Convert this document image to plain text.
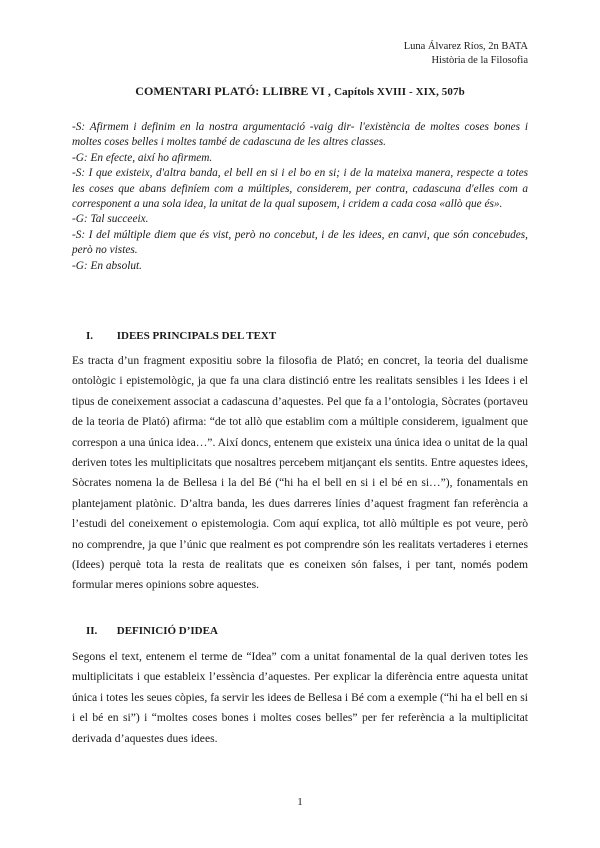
Luna Álvarez Ríos, 2n BATA
Història de la Filosofia
COMENTARI PLATÓ: LLIBRE VI , Capítols XVIII - XIX, 507b

-S: Afirmem i definim en la nostra argumentació -vaig dir- l'existència de moltes coses bones i moltes coses belles i moltes també de cadascuna de les altres classes.

-G: En efecte, així ho afirmem.

-S: I que existeix, d'altra banda, el bell en si i el bo en si; i de la mateixa manera, respecte a totes les coses que abans definíem com a múltiples, considerem, per contra, cadascuna d'elles com a corresponent a una sola idea, la unitat de la qual suposem, i cridem a cada cosa «allò que és».

-G: Tal succeeix.

-S: I del múltiple diem que és vist, però no concebut, i de les idees, en canvi, que són concebudes, però no vistes.

-G: En absolut.

I. IDEES PRINCIPALS DEL TEXT

Es tracta d’un fragment expositiu sobre la filosofia de Plató; en concret, la teoria del dualisme ontològic i epistemològic, ja que fa una clara distinció entre les realitats sensibles i les Idees i el tipus de coneixement associat a cadascuna d’aquestes. Pel que fa a l’ontologia, Sòcrates (portaveu de la teoria de Plató) afirma: “de tot allò que establim com a múltiple considerem, igualment que correspon a una única idea…”. Així doncs, entenem que existeix una única idea o unitat de la qual deriven totes les multiplicitats que nosaltres percebem mitjançant els sentits. Entre aquestes idees, Sòcrates nomena la de Bellesa i la del Bé (“hi ha el bell en si i el bé en si…”), fonamentals en plantejament platònic. D’altra banda, les dues darreres línies d’aquest fragment fan referència a l’estudi del coneixement o epistemologia. Com aquí explica, tot allò múltiple es pot veure, però no comprendre, ja que l’únic que realment es pot comprendre són les realitats vertaderes i eternes (Idees) perquè tota la resta de realitats que es coneixen són falses, i per tant, només podem formular meres opinions sobre aquestes.

II. DEFINICIÓ D’IDEA

Segons el text, entenem el terme de “Idea” com a unitat fonamental de la qual deriven totes les multiplicitats i que estableix l’essència d’aquestes. Per explicar la diferència entre aquesta unitat única i totes les seues còpies, fa servir les idees de Bellesa i Bé com a exemple (“hi ha el bell en si i el bé en si”) i “moltes coses bones i moltes coses belles” per fer referència a la multiplicitat derivada d’aquestes dues idees.

1
